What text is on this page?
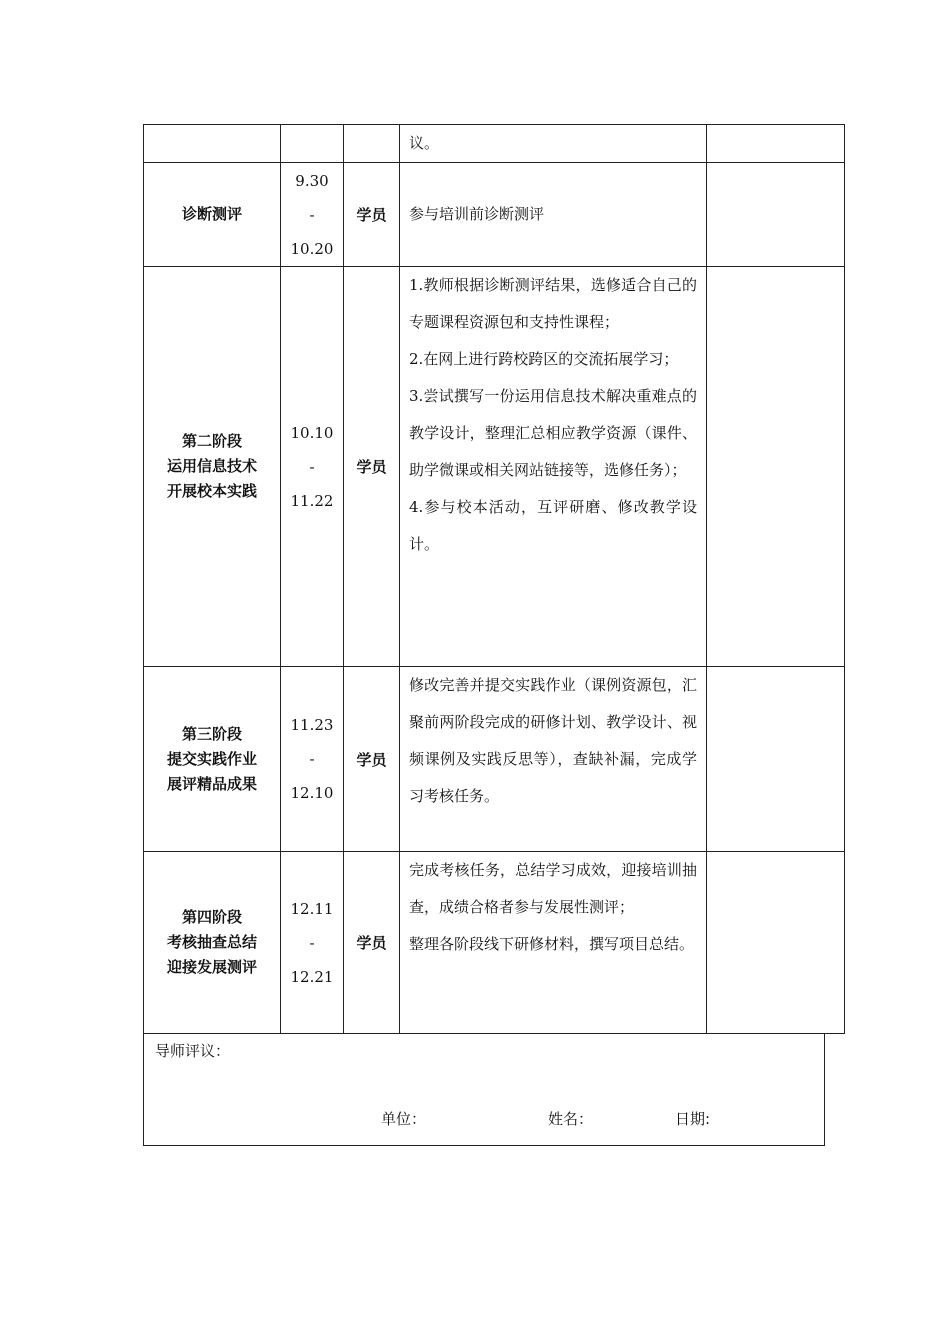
			议。	

诊断测评	9.30
-
10.20	学员	参与培训前诊断测评	

第二阶段
运用信息技术
开展校本实践	10.10
-
11.22	学员	1.教师根据诊断测评结果，选修适合自己的专题课程资源包和支持性课程；
2.在网上进行跨校跨区的交流拓展学习；
3.尝试撰写一份运用信息技术解决重难点的教学设计，整理汇总相应教学资源（课件、助学微课或相关网站链接等，选修任务）；
4.参与校本活动，互评研磨、修改教学设计。	

第三阶段
提交实践作业
展评精品成果	11.23
-
12.10	学员	修改完善并提交实践作业（课例资源包，汇聚前两阶段完成的研修计划、教学设计、视频课例及实践反思等），查缺补漏，完成学习考核任务。	

第四阶段
考核抽查总结
迎接发展测评	12.11
-
12.21	学员	完成考核任务，总结学习成效，迎接培训抽查，成绩合格者参与发展性测评；
整理各阶段线下研修材料，撰写项目总结。	

导师评议：
单位：	姓名：	日期:
